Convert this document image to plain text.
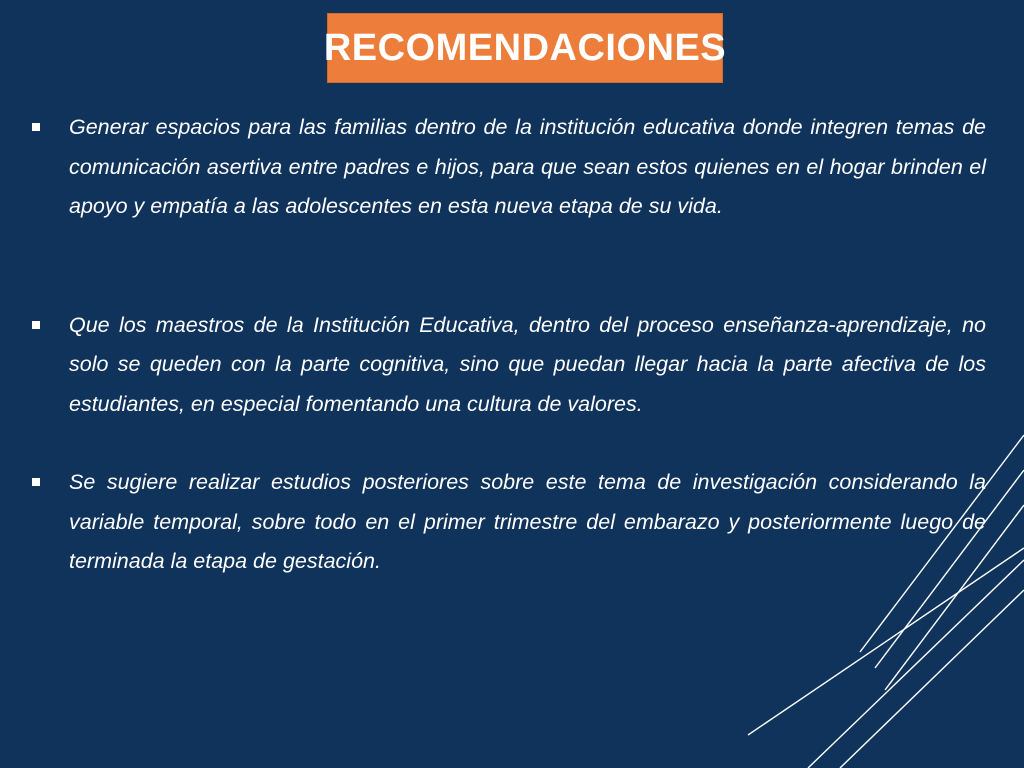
RECOMENDACIONES
Generar espacios para las familias dentro de la institución educativa donde integren temas de comunicación asertiva entre padres e hijos, para que sean estos quienes en el hogar brinden el apoyo y empatía a las adolescentes en esta nueva etapa de su vida.
Que los maestros de la Institución Educativa, dentro del proceso enseñanza-aprendizaje, no solo se queden con la parte cognitiva, sino que puedan llegar hacia la parte afectiva de los estudiantes, en especial fomentando una cultura de valores.
Se sugiere realizar estudios posteriores sobre este tema de investigación considerando la variable temporal, sobre todo en el primer trimestre del embarazo y posteriormente luego de terminada la etapa de gestación.
